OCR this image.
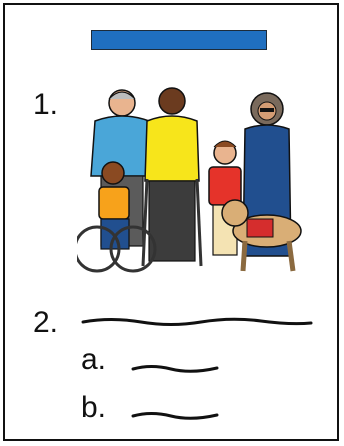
1.
2.
a.
b.
